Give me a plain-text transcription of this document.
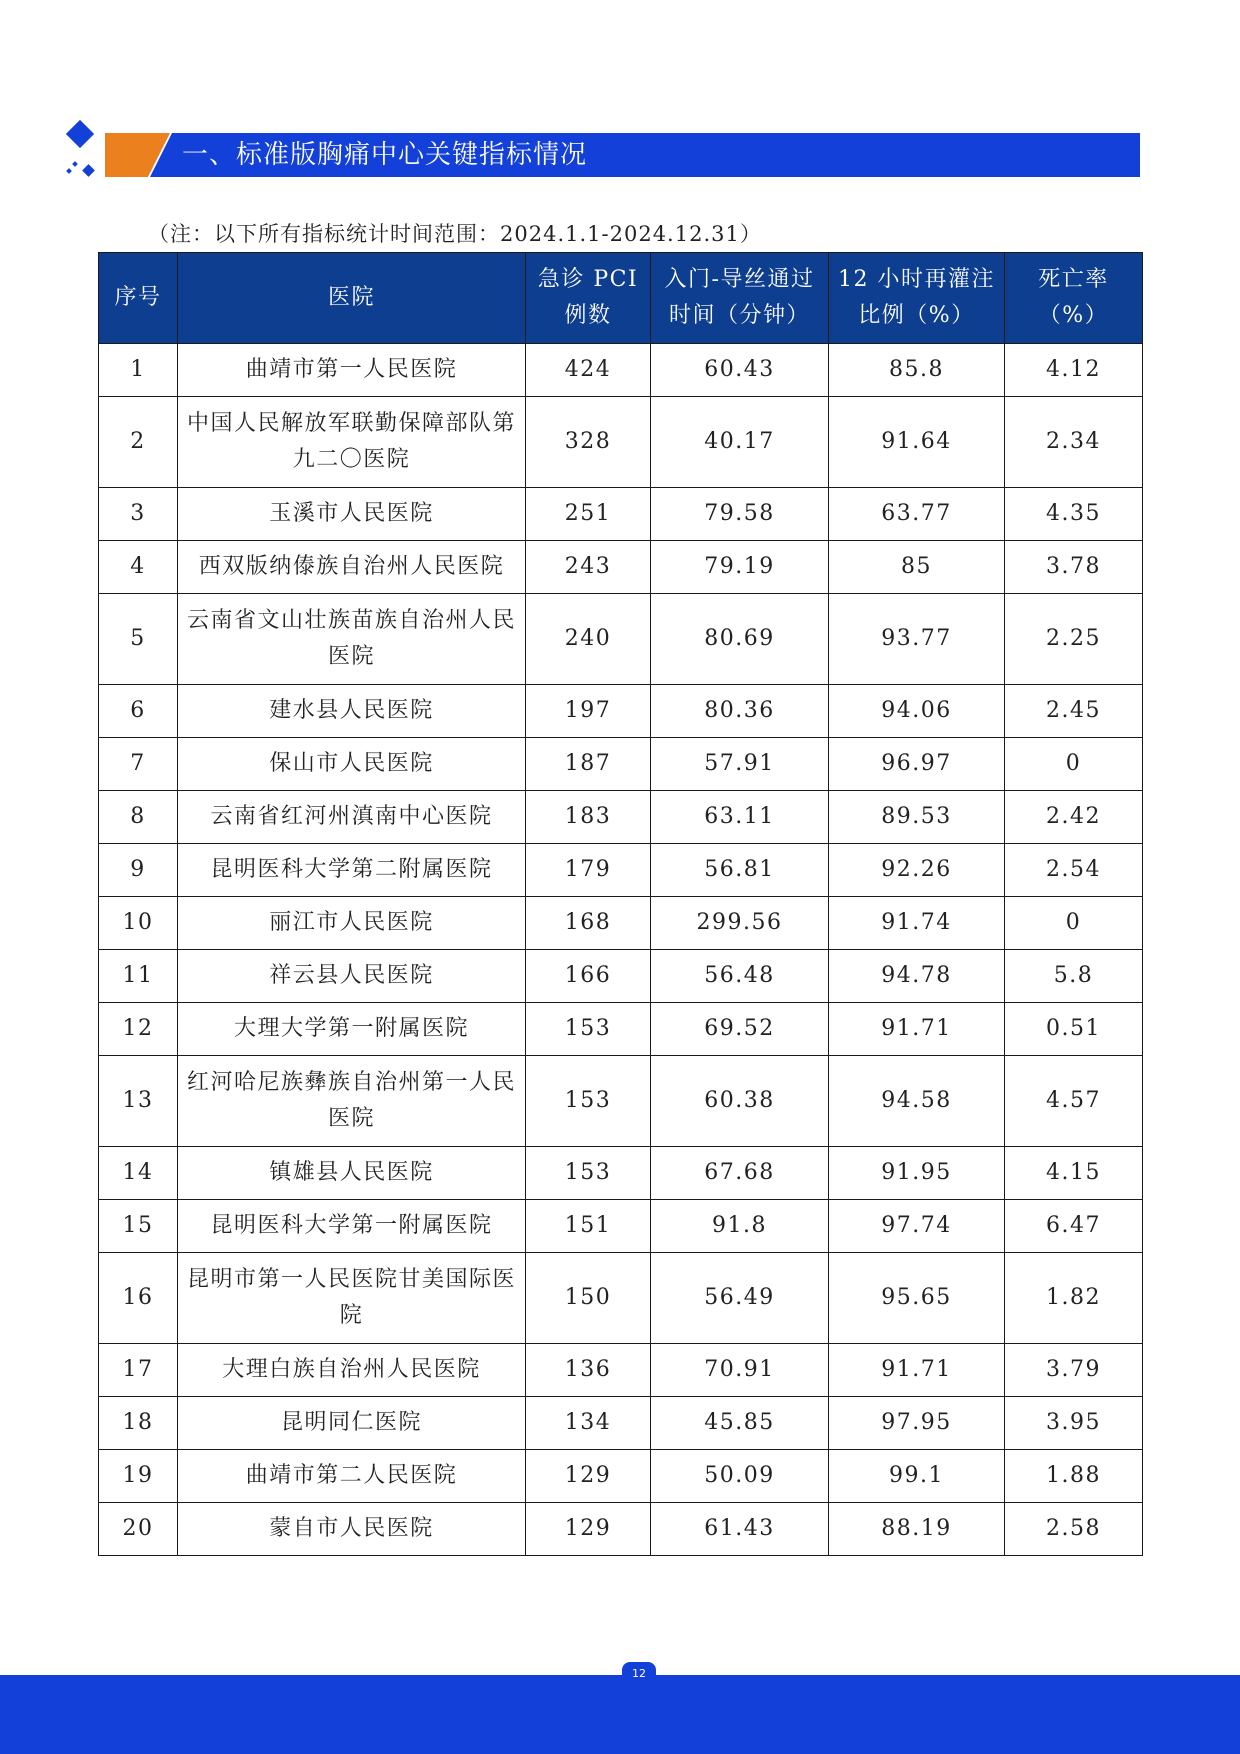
一、标准版胸痛中心关键指标情况
（注：以下所有指标统计时间范围：2024.1.1-2024.12.31）
序号	医院	急诊 PCI 例数	入门-导丝通过时间（分钟）	12 小时再灌注比例（%）	死亡率（%）
1	曲靖市第一人民医院	424	60.43	85.8	4.12
2	中国人民解放军联勤保障部队第九二〇医院	328	40.17	91.64	2.34
3	玉溪市人民医院	251	79.58	63.77	4.35
4	西双版纳傣族自治州人民医院	243	79.19	85	3.78
5	云南省文山壮族苗族自治州人民医院	240	80.69	93.77	2.25
6	建水县人民医院	197	80.36	94.06	2.45
7	保山市人民医院	187	57.91	96.97	0
8	云南省红河州滇南中心医院	183	63.11	89.53	2.42
9	昆明医科大学第二附属医院	179	56.81	92.26	2.54
10	丽江市人民医院	168	299.56	91.74	0
11	祥云县人民医院	166	56.48	94.78	5.8
12	大理大学第一附属医院	153	69.52	91.71	0.51
13	红河哈尼族彝族自治州第一人民医院	153	60.38	94.58	4.57
14	镇雄县人民医院	153	67.68	91.95	4.15
15	昆明医科大学第一附属医院	151	91.8	97.74	6.47
16	昆明市第一人民医院甘美国际医院	150	56.49	95.65	1.82
17	大理白族自治州人民医院	136	70.91	91.71	3.79
18	昆明同仁医院	134	45.85	97.95	3.95
19	曲靖市第二人民医院	129	50.09	99.1	1.88
20	蒙自市人民医院	129	61.43	88.19	2.58
12
